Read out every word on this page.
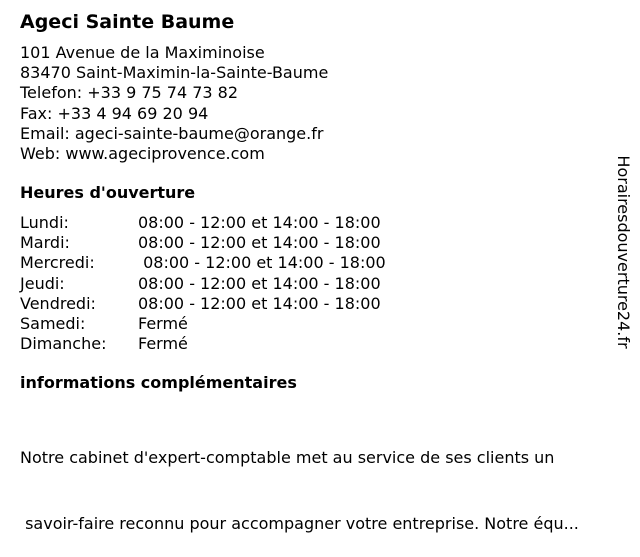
Ageci Sainte Baume
101 Avenue de la Maximinoise
83470 Saint-Maximin-la-Sainte-Baume
Telefon: +33 9 75 74 73 82
Fax: +33 4 94 69 20 94
Email: ageci-sainte-baume@orange.fr
Web: www.ageciprovence.com
Heures d'ouverture
Lundi:	08:00 - 12:00 et 14:00 - 18:00
Mardi:	08:00 - 12:00 et 14:00 - 18:00
Mercredi:	08:00 - 12:00 et 14:00 - 18:00
Jeudi:	08:00 - 12:00 et 14:00 - 18:00
Vendredi:	08:00 - 12:00 et 14:00 - 18:00
Samedi:	Fermé
Dimanche:	Fermé
informations complémentaires

Notre cabinet d'expert-comptable met au service de ses clients un

savoir-faire reconnu pour accompagner votre entreprise. Notre équ...

Horairesdouverture24.fr
